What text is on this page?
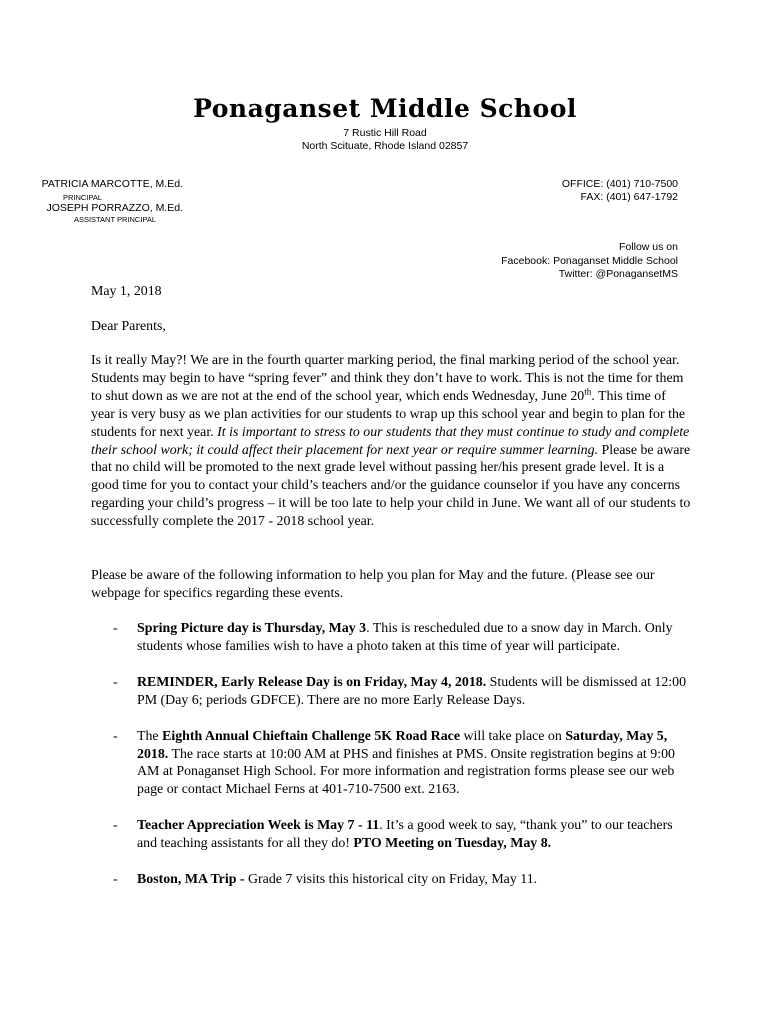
Ponaganset Middle School
7 Rustic Hill Road
North Scituate, Rhode Island 02857
PATRICIA MARCOTTE, M.Ed.
PRINCIPAL
JOSEPH PORRAZZO, M.Ed.
ASSISTANT PRINCIPAL
OFFICE: (401) 710-7500
FAX: (401) 647-1792
Follow us on
Facebook: Ponaganset Middle School
Twitter: @PonagansetMS
May 1, 2018
Dear Parents,
Is it really May?! We are in the fourth quarter marking period, the final marking period of the school year. Students may begin to have “spring fever” and think they don’t have to work. This is not the time for them to shut down as we are not at the end of the school year, which ends Wednesday, June 20th. This time of year is very busy as we plan activities for our students to wrap up this school year and begin to plan for the students for next year. It is important to stress to our students that they must continue to study and complete their school work; it could affect their placement for next year or require summer learning. Please be aware that no child will be promoted to the next grade level without passing her/his present grade level. It is a good time for you to contact your child’s teachers and/or the guidance counselor if you have any concerns regarding your child’s progress – it will be too late to help your child in June. We want all of our students to successfully complete the 2017 - 2018 school year.
Please be aware of the following information to help you plan for May and the future. (Please see our webpage for specifics regarding these events.
- Spring Picture day is Thursday, May 3. This is rescheduled due to a snow day in March. Only students whose families wish to have a photo taken at this time of year will participate.
- REMINDER, Early Release Day is on Friday, May 4, 2018. Students will be dismissed at 12:00 PM (Day 6; periods GDFCE). There are no more Early Release Days.
- The Eighth Annual Chieftain Challenge 5K Road Race will take place on Saturday, May 5, 2018. The race starts at 10:00 AM at PHS and finishes at PMS. Onsite registration begins at 9:00 AM at Ponaganset High School. For more information and registration forms please see our web page or contact Michael Ferns at 401-710-7500 ext. 2163.
- Teacher Appreciation Week is May 7 - 11. It’s a good week to say, “thank you” to our teachers and teaching assistants for all they do! PTO Meeting on Tuesday, May 8.
- Boston, MA Trip - Grade 7 visits this historical city on Friday, May 11.
